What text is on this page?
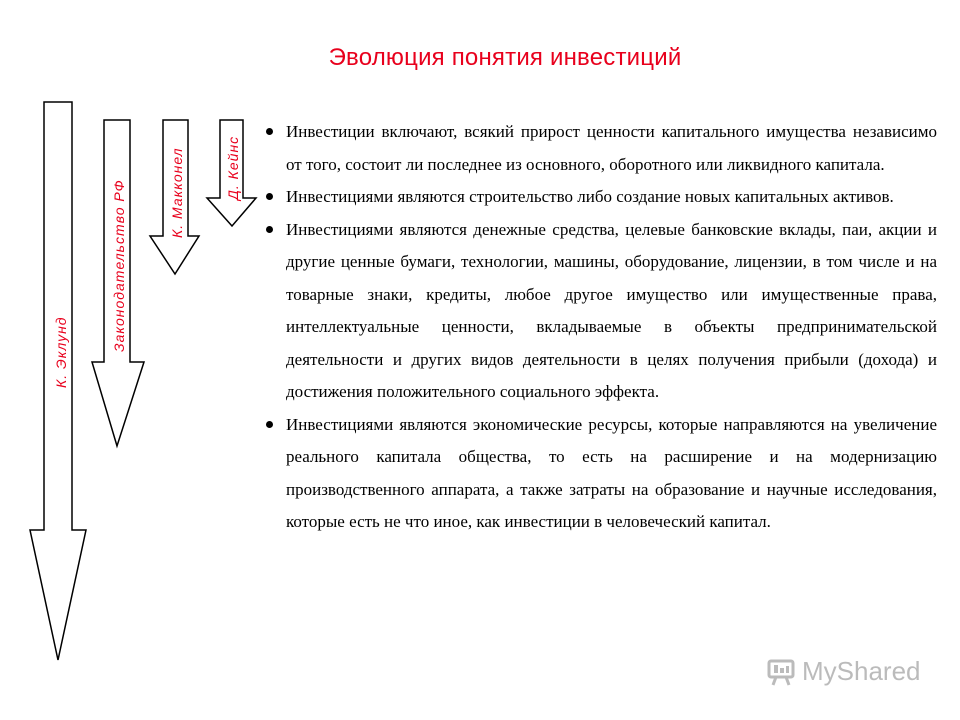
Эволюция понятия инвестиций
К. Эклунд
Законодательство РФ	К. Макконел	Д. Кейнс
Инвестиции включают, всякий прирост ценности капитального имущества независимо от того, состоит ли последнее из основного, оборотного или ликвидного капитала.
Инвестициями являются строительство либо создание новых капитальных активов.
Инвестициями являются денежные средства, целевые банковские вклады, паи, акции и другие ценные бумаги, технологии, машины, оборудование, лицензии, в том числе и на товарные знаки, кредиты, любое другое имущество или имущественные права, интеллектуальные ценности, вкладываемые в объекты предпринимательской деятельности и других видов деятельности в целях получения прибыли (дохода) и достижения положительного социального эффекта.
Инвестициями являются экономические ресурсы, которые направляются на увеличение реального капитала общества, то есть на расширение и на модернизацию производственного аппарата, а также затраты на образование и научные исследования, которые есть не что иное, как инвестиции в человеческий капитал.
MyShared
